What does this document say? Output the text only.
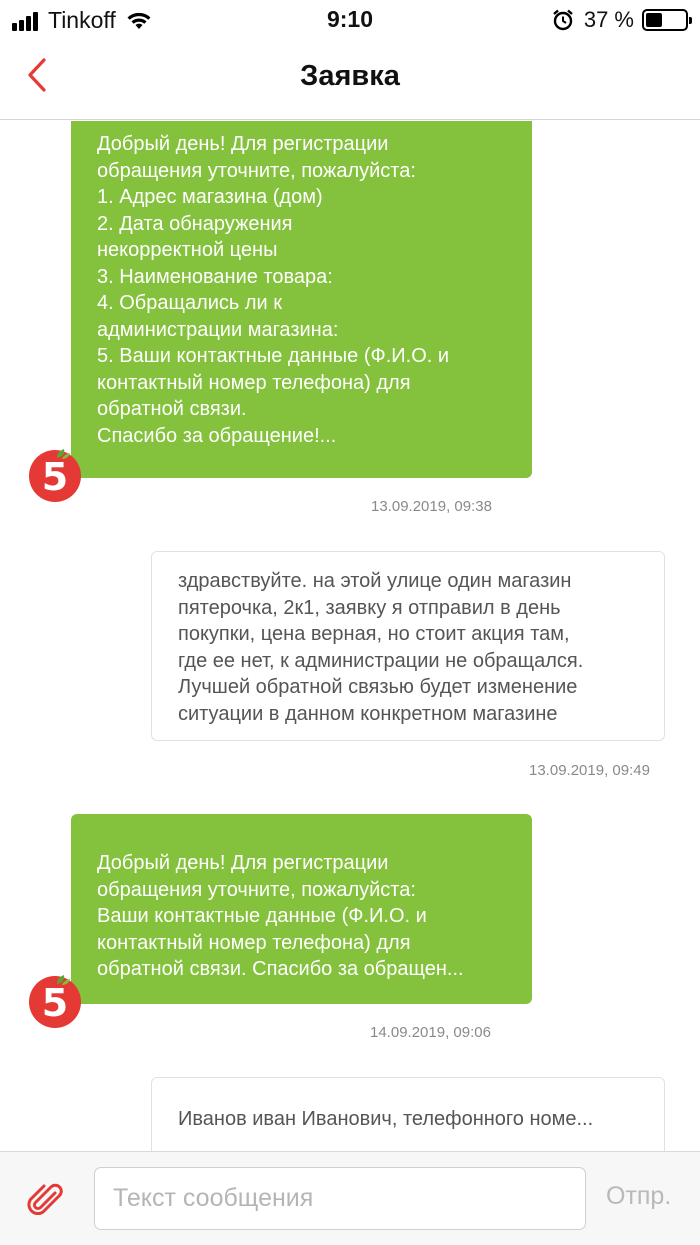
Tinkoff	9:10	37 %
Заявка
Добрый день! Для регистрации
обращения уточните, пожалуйста:
1. Адрес магазина (дом)
2. Дата обнаружения
некорректной цены
3. Наименование товара:
4. Обращались ли к
администрации магазина:
5. Ваши контактные данные (Ф.И.О. и
контактный номер телефона) для
обратной связи.
Спасибо за обращение!...
5
13.09.2019, 09:38
здравствуйте. на этой улице один магазин
пятерочка, 2к1, заявку я отправил в день
покупки, цена верная, но стоит акция там,
где ее нет, к администрации не обращался.
Лучшей обратной связью будет изменение
ситуации в данном конкретном магазине
13.09.2019, 09:49
Добрый день! Для регистрации
обращения уточните, пожалуйста:
Ваши контактные данные (Ф.И.О. и
контактный номер телефона) для
обратной связи. Спасибо за обращен...
5
14.09.2019, 09:06
Иванов иван Иванович, телефонного номе...
Текст сообщения
Отпр.
